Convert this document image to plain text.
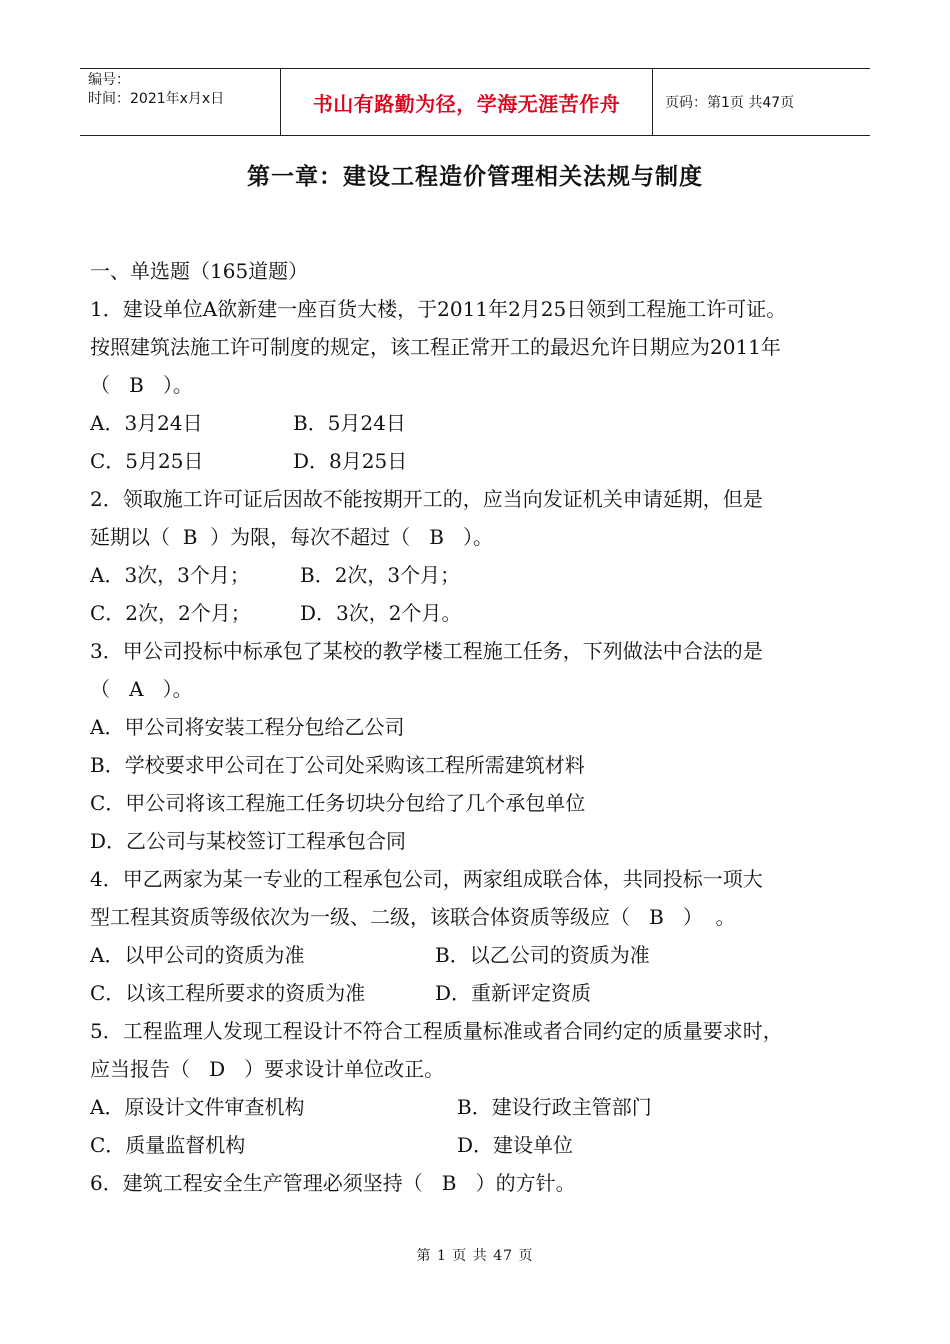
编号：
时间：2021年x月x日	书山有路勤为径，学海无涯苦作舟	页码：第1页 共47页
第一章：建设工程造价管理相关法规与制度
一、单选题（165道题）
1．建设单位A欲新建一座百货大楼，于2011年2月25日领到工程施工许可证。
按照建筑法施工许可制度的规定，该工程正常开工的最迟允许日期应为2011年
（   B   ）。

A．3月24日

	B．5月24日

C．5月25日

	D．8月25日

2．领取施工许可证后因故不能按期开工的，应当向发证机关申请延期，但是
延期以（  B  ）为限，每次不超过（   B   ）。

A．3次，3个月；

	B．2次，3个月；

C．2次，2个月；

D．3次，2个月。

3．甲公司投标中标承包了某校的教学楼工程施工任务，下列做法中合法的是
（   A   ）。
A．甲公司将安装工程分包给乙公司
B．学校要求甲公司在丁公司处采购该工程所需建筑材料
C．甲公司将该工程施工任务切块分包给了几个承包单位
D．乙公司与某校签订工程承包合同
4．甲乙两家为某一专业的工程承包公司，两家组成联合体，共同投标一项大
型工程其资质等级依次为一级、二级，该联合体资质等级应（   B   ）  。

A．以甲公司的资质为准

	B．以乙公司的资质为准

C．以该工程所要求的资质为准

	D．重新评定资质

5．工程监理人发现工程设计不符合工程质量标准或者合同约定的质量要求时，
应当报告（   D   ）要求设计单位改正。

A．原设计文件审查机构

	B．建设行政主管部门

C．质量监督机构

	D．建设单位

6．建筑工程安全生产管理必须坚持（   B   ）的方针。
第 1 页 共 47 页
